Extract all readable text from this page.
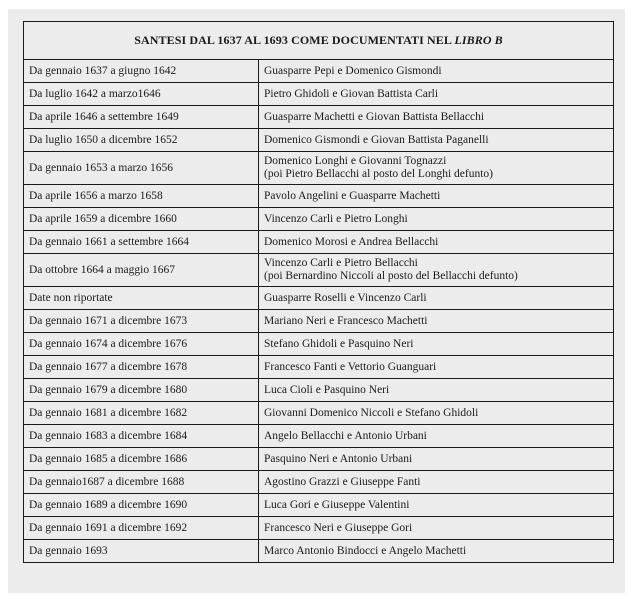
SANTESI DAL 1637 AL 1693 COME DOCUMENTATI NEL LIBRO B	
Da gennaio 1637 a giugno 1642	Guasparre Pepi e Domenico Gismondi

Da luglio 1642 a marzo1646	Pietro Ghidoli e Giovan Battista Carli

Da aprile 1646 a settembre 1649	Guasparre Machetti e Giovan Battista Bellacchi

Da luglio 1650 a dicembre 1652	Domenico Gismondi e Giovan Battista Paganelli

Da gennaio 1653 a marzo 1656	Domenico Longhi e Giovanni Tognazzi
(poi Pietro Bellacchi al posto del Longhi defunto)

Da aprile 1656 a marzo 1658	Pavolo Angelini e Guasparre Machetti

Da aprile 1659 a dicembre 1660	Vincenzo Carli e Pietro Longhi

Da gennaio 1661 a settembre 1664	Domenico Morosi e Andrea Bellacchi

Da ottobre 1664 a maggio 1667	Vincenzo Carli e Pietro Bellacchi
(poi Bernardino Niccoli al posto del Bellacchi defunto)

Date non riportate	Guasparre Roselli e Vincenzo Carli

Da gennaio 1671 a dicembre 1673	Mariano Neri e Francesco Machetti

Da gennaio 1674 a dicembre 1676	Stefano Ghidoli e Pasquino Neri

Da gennaio 1677 a dicembre 1678	Francesco Fanti e Vettorio Guanguari

Da gennaio 1679 a dicembre 1680	Luca Cioli e Pasquino Neri

Da gennaio 1681 a dicembre 1682	Giovanni Domenico Niccoli e Stefano Ghidoli

Da gennaio 1683 a dicembre 1684	Angelo Bellacchi e Antonio Urbani

Da gennaio 1685 a dicembre 1686	Pasquino Neri e Antonio Urbani

Da gennaio1687 a dicembre 1688	Agostino Grazzi e Giuseppe Fanti

Da gennaio 1689 a dicembre 1690	Luca Gori e Giuseppe Valentini

Da gennaio 1691 a dicembre 1692	Francesco Neri e Giuseppe Gori

Da gennaio 1693	Marco Antonio Bindocci e Angelo Machetti
